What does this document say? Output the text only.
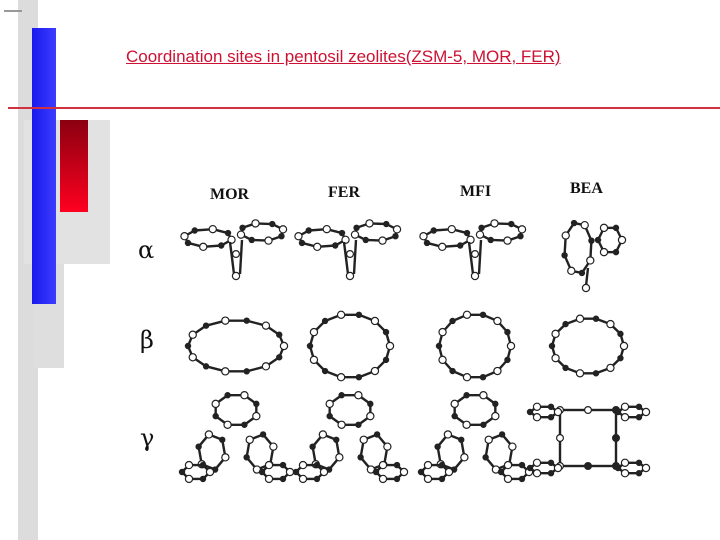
Coordination sites in pentosil zeolites(ZSM-5, MOR, FER)
MOR	FER	MFI	BEA
α
β
γ
